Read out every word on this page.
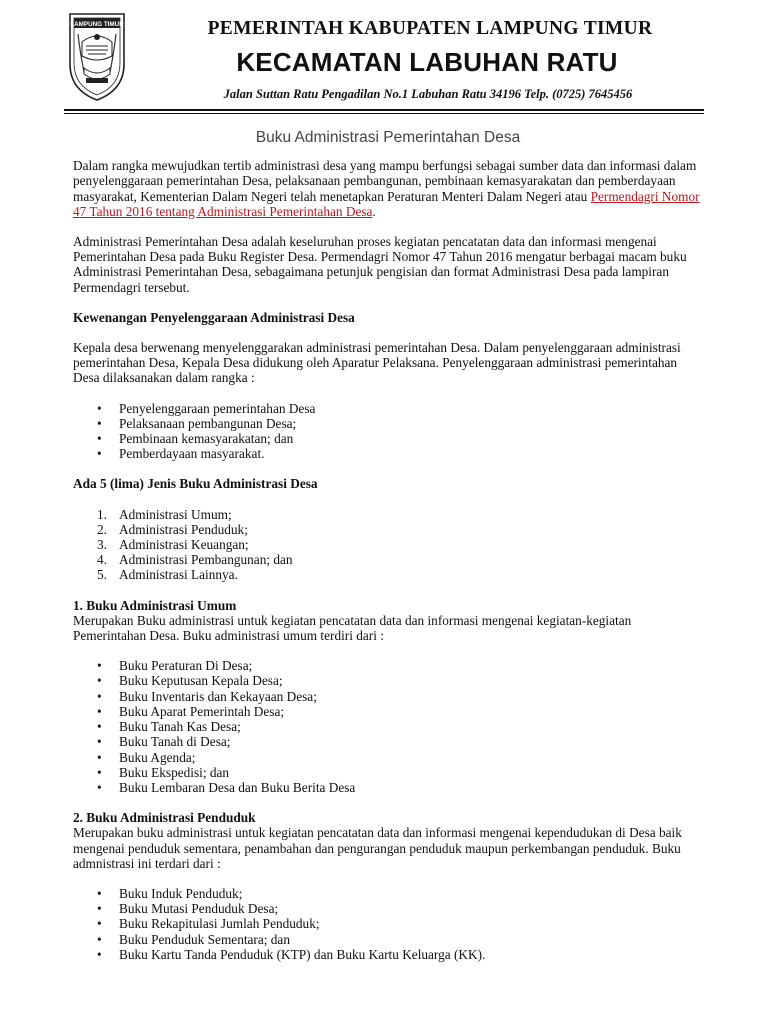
LAMPUNG TIMUR	PEMERINTAH KABUPATEN LAMPUNG TIMUR
KECAMATAN LABUHAN RATU
Jalan Suttan Ratu Pengadilan No.1 Labuhan Ratu 34196 Telp. (0725) 7645456
Buku Administrasi Pemerintahan Desa

Dalam rangka mewujudkan tertib administrasi desa yang mampu berfungsi sebagai sumber data dan informasi dalam penyelenggaraan pemerintahan Desa, pelaksanaan pembangunan, pembinaan kemasyarakatan dan pemberdayaan masyarakat, Kementerian Dalam Negeri telah menetapkan Peraturan Menteri Dalam Negeri atau Permendagri Nomor 47 Tahun 2016 tentang Administrasi Pemerintahan Desa.

Administrasi Pemerintahan Desa adalah keseluruhan proses kegiatan pencatatan data dan informasi mengenai Pemerintahan Desa pada Buku Register Desa. Permendagri Nomor 47 Tahun 2016 mengatur berbagai macam buku Administrasi Pemerintahan Desa, sebagaimana petunjuk pengisian dan format Administrasi Desa pada lampiran Permendagri tersebut.

Kewenangan Penyelenggaraan Administrasi Desa

Kepala desa berwenang menyelenggarakan administrasi pemerintahan Desa. Dalam penyelenggaraan administrasi pemerintahan Desa, Kepala Desa didukung oleh Aparatur Pelaksana. Penyelenggaraan administrasi pemerintahan Desa dilaksanakan dalam rangka :

• Penyelenggaraan pemerintahan Desa
• Pelaksanaan pembangunan Desa;
• Pembinaan kemasyarakatan; dan
• Pemberdayaan masyarakat.
Ada 5 (lima) Jenis Buku Administrasi Desa
1. Administrasi Umum;
2. Administrasi Penduduk;
3. Administrasi Keuangan;
4. Administrasi Pembangunan; dan
5. Administrasi Lainnya.
1. Buku Administrasi Umum

Merupakan Buku administrasi untuk kegiatan pencatatan data dan informasi mengenai kegiatan-kegiatan Pemerintahan Desa. Buku administrasi umum terdiri dari :

• Buku Peraturan Di Desa;
• Buku Keputusan Kepala Desa;
• Buku Inventaris dan Kekayaan Desa;
• Buku Aparat Pemerintah Desa;
• Buku Tanah Kas Desa;
• Buku Tanah di Desa;
• Buku Agenda;
• Buku Ekspedisi; dan
• Buku Lembaran Desa dan Buku Berita Desa
2. Buku Administrasi Penduduk

Merupakan buku administrasi untuk kegiatan pencatatan data dan informasi mengenai kependudukan di Desa baik mengenai penduduk sementara, penambahan dan pengurangan penduduk maupun perkembangan penduduk. Buku admnistrasi ini terdari dari :

• Buku Induk Penduduk;
• Buku Mutasi Penduduk Desa;
• Buku Rekapitulasi Jumlah Penduduk;
• Buku Penduduk Sementara; dan
• Buku Kartu Tanda Penduduk (KTP) dan Buku Kartu Keluarga (KK).
